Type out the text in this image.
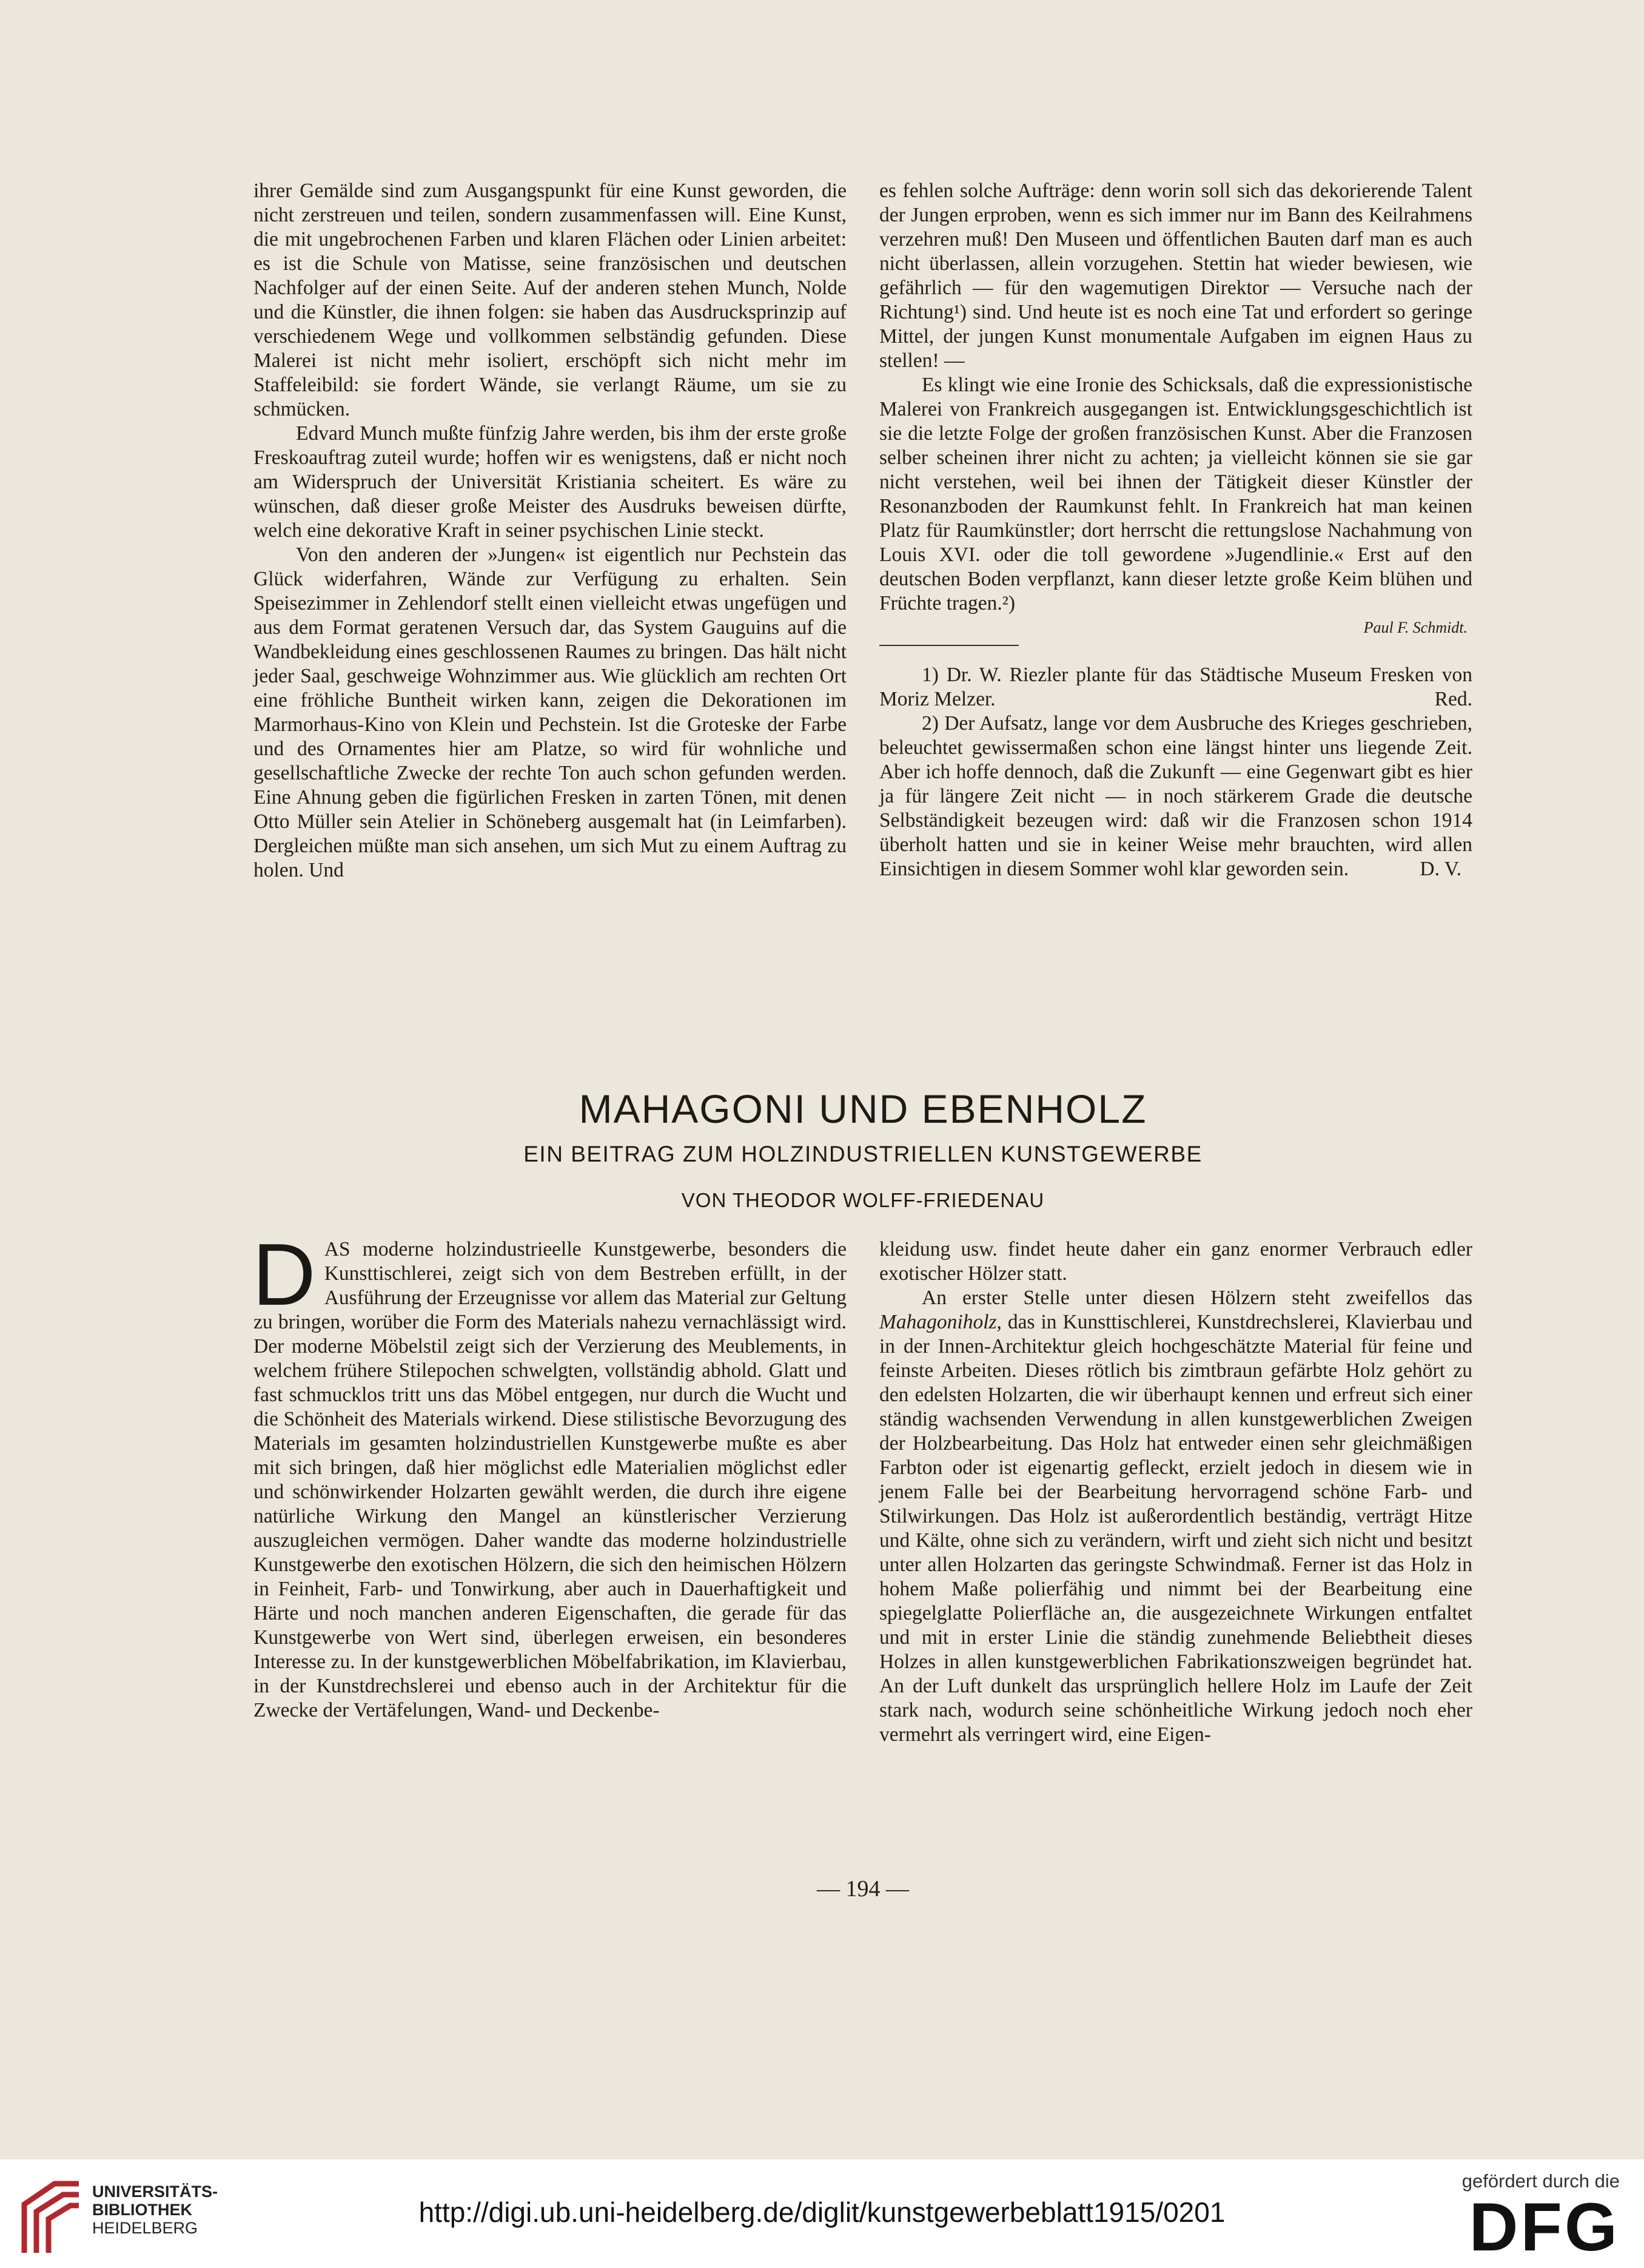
ihrer Gemälde sind zum Ausgangspunkt für eine Kunst geworden, die nicht zerstreuen und teilen, sondern zusammenfassen will. Eine Kunst, die mit ungebrochenen Farben und klaren Flächen oder Linien arbeitet: es ist die Schule von Matisse, seine französischen und deutschen Nachfolger auf der einen Seite. Auf der anderen stehen Munch, Nolde und die Künstler, die ihnen folgen: sie haben das Ausdrucksprinzip auf verschiedenem Wege und vollkommen selbständig gefunden. Diese Malerei ist nicht mehr isoliert, erschöpft sich nicht mehr im Staffeleibild: sie fordert Wände, sie verlangt Räume, um sie zu schmücken.

Edvard Munch mußte fünfzig Jahre werden, bis ihm der erste große Freskoauftrag zuteil wurde; hoffen wir es wenigstens, daß er nicht noch am Widerspruch der Universität Kristiania scheitert. Es wäre zu wünschen, daß dieser große Meister des Ausdruks beweisen dürfte, welch eine dekorative Kraft in seiner psychischen Linie steckt.

Von den anderen der »Jungen« ist eigentlich nur Pechstein das Glück widerfahren, Wände zur Verfügung zu erhalten. Sein Speisezimmer in Zehlendorf stellt einen vielleicht etwas ungefügen und aus dem Format geratenen Versuch dar, das System Gauguins auf die Wandbekleidung eines geschlossenen Raumes zu bringen. Das hält nicht jeder Saal, geschweige Wohnzimmer aus. Wie glücklich am rechten Ort eine fröhliche Buntheit wirken kann, zeigen die Dekorationen im Marmorhaus-Kino von Klein und Pechstein. Ist die Groteske der Farbe und des Ornamentes hier am Platze, so wird für wohnliche und gesellschaftliche Zwecke der rechte Ton auch schon gefunden werden. Eine Ahnung geben die figürlichen Fresken in zarten Tönen, mit denen Otto Müller sein Atelier in Schöneberg ausgemalt hat (in Leimfarben). Dergleichen müßte man sich ansehen, um sich Mut zu einem Auftrag zu holen. Und

es fehlen solche Aufträge: denn worin soll sich das dekorierende Talent der Jungen erproben, wenn es sich immer nur im Bann des Keilrahmens verzehren muß! Den Museen und öffentlichen Bauten darf man es auch nicht überlassen, allein vorzugehen. Stettin hat wieder bewiesen, wie gefährlich — für den wagemutigen Direktor — Versuche nach der Richtung¹) sind. Und heute ist es noch eine Tat und erfordert so geringe Mittel, der jungen Kunst monumentale Aufgaben im eignen Haus zu stellen! —

Es klingt wie eine Ironie des Schicksals, daß die expressionistische Malerei von Frankreich ausgegangen ist. Entwicklungsgeschichtlich ist sie die letzte Folge der großen französischen Kunst. Aber die Franzosen selber scheinen ihrer nicht zu achten; ja vielleicht können sie sie gar nicht verstehen, weil bei ihnen der Tätigkeit dieser Künstler der Resonanzboden der Raumkunst fehlt. In Frankreich hat man keinen Platz für Raumkünstler; dort herrscht die rettungslose Nachahmung von Louis XVI. oder die toll gewordene »Jugendlinie.« Erst auf den deutschen Boden verpflanzt, kann dieser letzte große Keim blühen und Früchte tragen.²)

Paul F. Schmidt.

1) Dr. W. Riezler plante für das Städtische Museum Fresken von Moriz Melzer.	Red.

2) Der Aufsatz, lange vor dem Ausbruche des Krieges geschrieben, beleuchtet gewissermaßen schon eine längst hinter uns liegende Zeit. Aber ich hoffe dennoch, daß die Zukunft — eine Gegenwart gibt es hier ja für längere Zeit nicht — in noch stärkerem Grade die deutsche Selbständigkeit bezeugen wird: daß wir die Franzosen schon 1914 überholt hatten und sie in keiner Weise mehr brauchten, wird allen Einsichtigen in diesem Sommer wohl klar geworden sein.	D. V.

MAHAGONI UND EBENHOLZ
EIN BEITRAG ZUM HOLZINDUSTRIELLEN KUNSTGEWERBE
VON THEODOR WOLFF-FRIEDENAU

DAS moderne holzindustrieelle Kunstgewerbe, besonders die Kunsttischlerei, zeigt sich von dem Bestreben erfüllt, in der Ausführung der Erzeugnisse vor allem das Material zur Geltung zu bringen, worüber die Form des Materials nahezu vernachlässigt wird. Der moderne Möbelstil zeigt sich der Verzierung des Meublements, in welchem frühere Stilepochen schwelgten, vollständig abhold. Glatt und fast schmucklos tritt uns das Möbel entgegen, nur durch die Wucht und die Schönheit des Materials wirkend. Diese stilistische Bevorzugung des Materials im gesamten holzindustriellen Kunstgewerbe mußte es aber mit sich bringen, daß hier möglichst edle Materialien möglichst edler und schönwirkender Holzarten gewählt werden, die durch ihre eigene natürliche Wirkung den Mangel an künstlerischer Verzierung auszugleichen vermögen. Daher wandte das moderne holzindustrielle Kunstgewerbe den exotischen Hölzern, die sich den heimischen Hölzern in Feinheit, Farb- und Tonwirkung, aber auch in Dauerhaftigkeit und Härte und noch manchen anderen Eigenschaften, die gerade für das Kunstgewerbe von Wert sind, überlegen erweisen, ein besonderes Interesse zu. In der kunstgewerblichen Möbelfabrikation, im Klavierbau, in der Kunstdrechslerei und ebenso auch in der Architektur für die Zwecke der Vertäfelungen, Wand- und Deckenbe-

kleidung usw. findet heute daher ein ganz enormer Verbrauch edler exotischer Hölzer statt.

An erster Stelle unter diesen Hölzern steht zweifellos das Mahagoniholz, das in Kunsttischlerei, Kunstdrechslerei, Klavierbau und in der Innen-Architektur gleich hochgeschätzte Material für feine und feinste Arbeiten. Dieses rötlich bis zimtbraun gefärbte Holz gehört zu den edelsten Holzarten, die wir überhaupt kennen und erfreut sich einer ständig wachsenden Verwendung in allen kunstgewerblichen Zweigen der Holzbearbeitung. Das Holz hat entweder einen sehr gleichmäßigen Farbton oder ist eigenartig gefleckt, erzielt jedoch in diesem wie in jenem Falle bei der Bearbeitung hervorragend schöne Farb- und Stilwirkungen. Das Holz ist außerordentlich beständig, verträgt Hitze und Kälte, ohne sich zu verändern, wirft und zieht sich nicht und besitzt unter allen Holzarten das geringste Schwindmaß. Ferner ist das Holz in hohem Maße polierfähig und nimmt bei der Bearbeitung eine spiegelglatte Polierfläche an, die ausgezeichnete Wirkungen entfaltet und mit in erster Linie die ständig zunehmende Beliebtheit dieses Holzes in allen kunstgewerblichen Fabrikationszweigen begründet hat. An der Luft dunkelt das ursprünglich hellere Holz im Laufe der Zeit stark nach, wodurch seine schönheitliche Wirkung jedoch noch eher vermehrt als verringert wird, eine Eigen-

— 194 —
UNIVERSITÄTS-
BIBLIOTHEK
HEIDELBERG	http://digi.ub.uni-heidelberg.de/diglit/kunstgewerbeblatt1915/0201
gefördert durch die
DFG
